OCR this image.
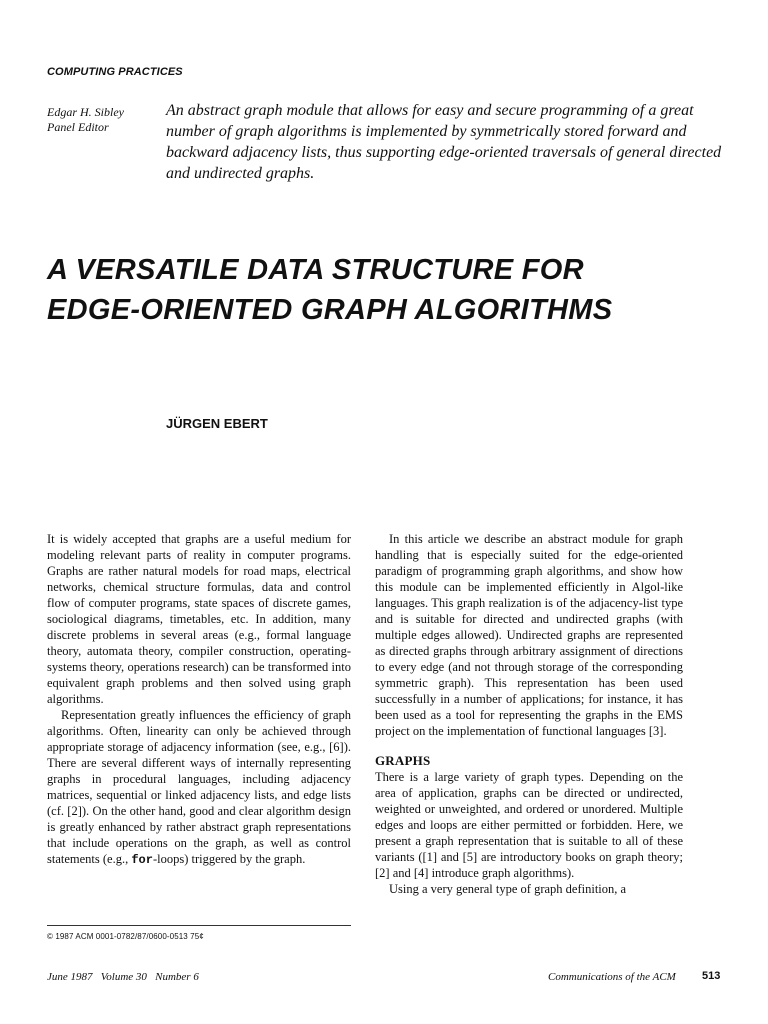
COMPUTING PRACTICES
Edgar H. Sibley
Panel Editor

An abstract graph module that allows for easy and secure programming of a great number of graph algorithms is implemented by symmetrically stored forward and backward adjacency lists, thus supporting edge-oriented traversals of general directed and undirected graphs.

A VERSATILE DATA STRUCTURE FOR
EDGE-ORIENTED GRAPH ALGORITHMS
JÜRGEN EBERT

It is widely accepted that graphs are a useful medium for modeling relevant parts of reality in computer programs. Graphs are rather natural models for road maps, electrical networks, chemical structure formulas, data and control flow of computer programs, state spaces of discrete games, sociological diagrams, timetables, etc. In addition, many discrete problems in several areas (e.g., formal language theory, automata theory, compiler construction, operating-systems theory, operations research) can be transformed into equivalent graph problems and then solved using graph algorithms.

Representation greatly influences the efficiency of graph algorithms. Often, linearity can only be achieved through appropriate storage of adjacency information (see, e.g., [6]). There are several different ways of internally representing graphs in procedural languages, including adjacency matrices, sequential or linked adjacency lists, and edge lists (cf. [2]). On the other hand, good and clear algorithm design is greatly enhanced by rather abstract graph representations that include operations on the graph, as well as control statements (e.g., for-loops) triggered by the graph.

In this article we describe an abstract module for graph handling that is especially suited for the edge-oriented paradigm of programming graph algorithms, and show how this module can be implemented efficiently in Algol-like languages. This graph realization is of the adjacency-list type and is suitable for directed and undirected graphs (with multiple edges allowed). Undirected graphs are represented as directed graphs through arbitrary assignment of directions to every edge (and not through storage of the corresponding symmetric graph). This representation has been used successfully in a number of applications; for instance, it has been used as a tool for representing the graphs in the EMS project on the implementation of functional languages [3].

GRAPHS

There is a large variety of graph types. Depending on the area of application, graphs can be directed or undirected, weighted or unweighted, and ordered or unordered. Multiple edges and loops are either permitted or forbidden. Here, we present a graph representation that is suitable to all of these variants ([1] and [5] are introductory books on graph theory; [2] and [4] introduce graph algorithms).

Using a very general type of graph definition, a

© 1987 ACM 0001-0782/87/0600-0513 75¢
June 1987   Volume 30   Number 6	Communications of the ACM 513
